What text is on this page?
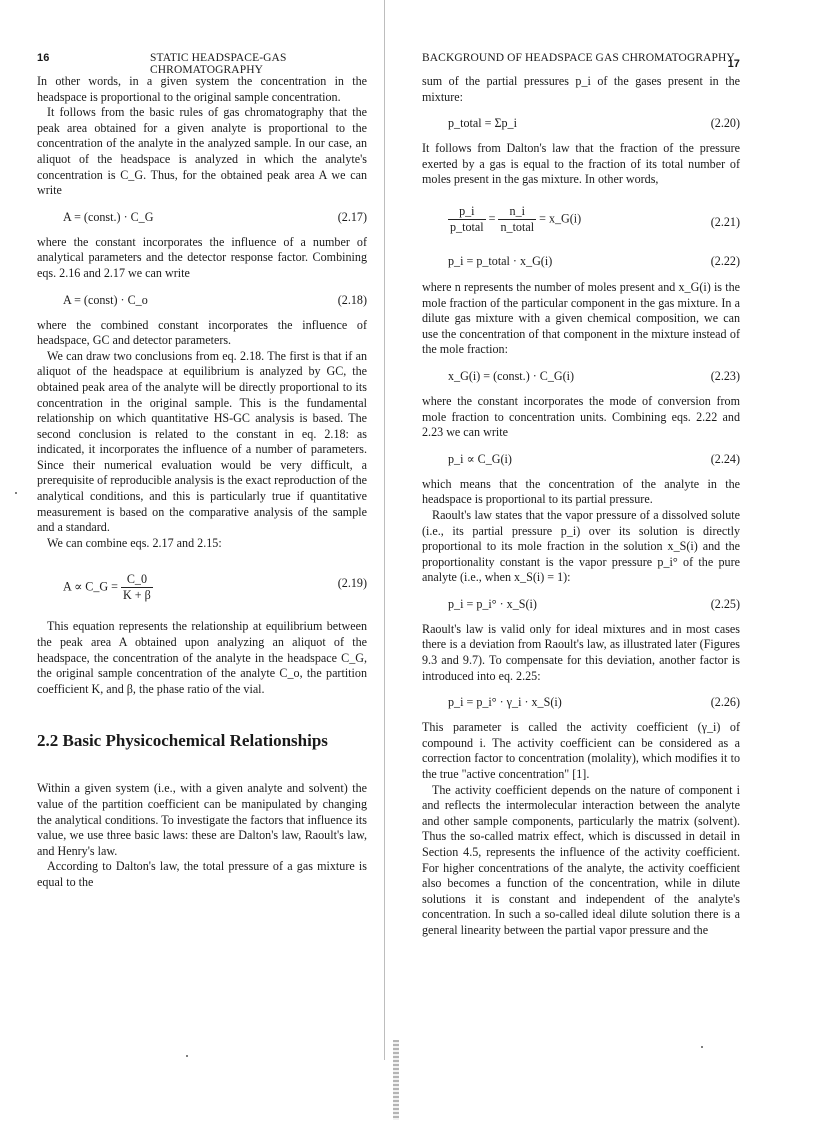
16	STATIC HEADSPACE-GAS CHROMATOGRAPHY

In other words, in a given system the concentration in the headspace is proportional to the original sample concentration.

It follows from the basic rules of gas chromatography that the peak area obtained for a given analyte is proportional to the concentration of the analyte in the analyzed sample. In our case, an aliquot of the headspace is analyzed in which the analyte's concentration is C_G. Thus, for the obtained peak area A we can write

A = (const.) · C_G	(2.17)

where the constant incorporates the influence of a number of analytical parameters and the detector response factor. Combining eqs. 2.16 and 2.17 we can write

A = (const) · C_o	(2.18)

where the combined constant incorporates the influence of headspace, GC and detector parameters.

We can draw two conclusions from eq. 2.18. The first is that if an aliquot of the headspace at equilibrium is analyzed by GC, the obtained peak area of the analyte will be directly proportional to its concentration in the original sample. This is the fundamental relationship on which quantitative HS-GC analysis is based. The second conclusion is related to the constant in eq. 2.18: as indicated, it incorporates the influence of a number of parameters. Since their numerical evaluation would be very difficult, a prerequisite of reproducible analysis is the exact reproduction of the analytical conditions, and this is particularly true if quantitative measurement is based on the comparative analysis of the sample and a standard.

We can combine eqs. 2.17 and 2.15:

A ∝ C_G = $\frac{C\_0}{K + \beta}$	(2.19)

This equation represents the relationship at equilibrium between the peak area A obtained upon analyzing an aliquot of the headspace, the concentration of the analyte in the headspace C_G, the original sample concentration of the analyte C_o, the partition coefficient K, and β, the phase ratio of the vial.

2.2 Basic Physicochemical Relationships

Within a given system (i.e., with a given analyte and solvent) the value of the partition coefficient can be manipulated by changing the analytical conditions. To investigate the factors that influence its value, we use three basic laws: these are Dalton's law, Raoult's law, and Henry's law.

According to Dalton's law, the total pressure of a gas mixture is equal to the

BACKGROUND OF HEADSPACE GAS CHROMATOGRAPHY
17

sum of the partial pressures p_i of the gases present in the mixture:

p_total = Σp_i	(2.20)

It follows from Dalton's law that the fraction of the pressure exerted by a gas is equal to the fraction of its total number of moles present in the gas mixture. In other words,

$\frac{p\_i}{\text{p\_total}} = \frac{n\_i}{\text{n\_total}}$ = x_G(i)	(2.21)
p_i = p_total · x_G(i)	(2.22)

where n represents the number of moles present and x_G(i) is the mole fraction of the particular component in the gas mixture. In a dilute gas mixture with a given chemical composition, we can use the concentration of that component in the mixture instead of the mole fraction:

x_G(i) = (const.) · C_G(i)	(2.23)

where the constant incorporates the mode of conversion from mole fraction to concentration units. Combining eqs. 2.22 and 2.23 we can write

p_i ∝ C_G(i)	(2.24)

which means that the concentration of the analyte in the headspace is proportional to its partial pressure.

Raoult's law states that the vapor pressure of a dissolved solute (i.e., its partial pressure p_i) over its solution is directly proportional to its mole fraction in the solution x_S(i) and the proportionality constant is the vapor pressure p_i° of the pure analyte (i.e., when x_S(i) = 1):

p_i = p_i° · x_S(i)	(2.25)

Raoult's law is valid only for ideal mixtures and in most cases there is a deviation from Raoult's law, as illustrated later (Figures 9.3 and 9.7). To compensate for this deviation, another factor is introduced into eq. 2.25:

p_i = p_i° · γ_i · x_S(i)	(2.26)

This parameter is called the activity coefficient (γ_i) of compound i. The activity coefficient can be considered as a correction factor to concentration (molality), which modifies it to the true "active concentration" [1].

The activity coefficient depends on the nature of component i and reflects the intermolecular interaction between the analyte and other sample components, particularly the matrix (solvent). Thus the so-called matrix effect, which is discussed in detail in Section 4.5, represents the influence of the activity coefficient. For higher concentrations of the analyte, the activity coefficient also becomes a function of the concentration, while in dilute solutions it is constant and independent of the analyte's concentration. In such a so-called ideal dilute solution there is a general linearity between the partial vapor pressure and the
